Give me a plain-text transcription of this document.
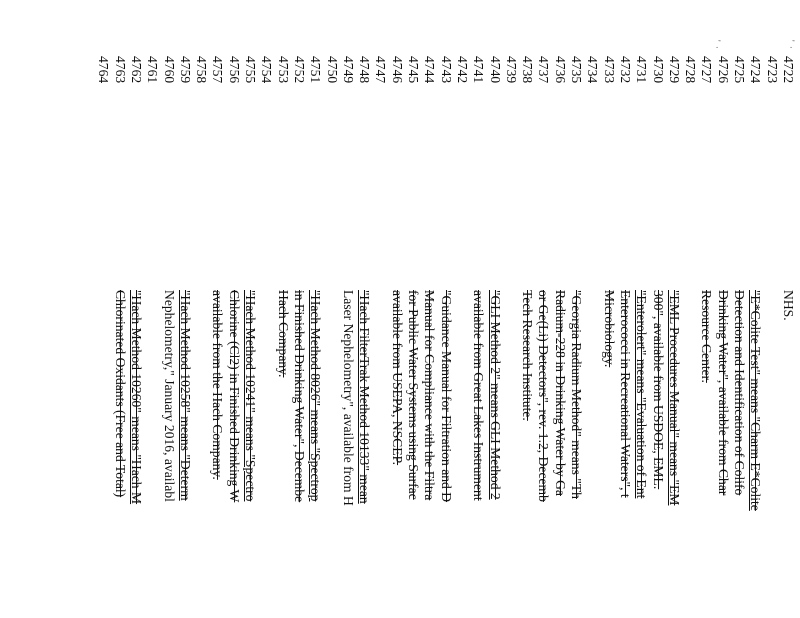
' ·
' ·
4722
NHS.
4723
4724
"E*Colite Test" means "Charm E*Colite
4725
Detection and Identification of Colifo
4726
Drinking Water", available from Char
4727
Resource Center.
4728
4729
"EML Procedures Manual" means "EM
4730
300", available from USDOE, EML.
4731
"Enterolert" means "Evaluation of Ent
4732
Enterococci in Recreational Waters", t
4733
Microbiology.
4734
4735
"Georgia Radium Method" means "Th
4736
Radium-228 in Drinking Water by Ga
4737
or Ge(Li) Detectors", rev. 1.2, Decemb
4738
Tech Research Institute.
4739
4740
"GLI Method 2" means GLI Method 2
4741
available from Great Lakes Instrument
4742
4743
"Guidance Manual for Filtration and D
4744
Manual for Compliance with the Filtra
4745
for Public Water Systems using Surfac
4746
available from USEPA, NSCEP.
4747
4748
"Hach FilterTrak Method 10133" mean
4749
Laser Nephelometry", available from H
4750
4751
"Hach Method 8026" means "Spectrop
4752
in Finished Drinking Water", Decembe
4753
Hach Company.
4754
4755
"Hach Method 10241" means "Spectro
4756
Chlorine (Cl2) in Finished Drinking W
4757
available from the Hach Company.
4758
4759
"Hach Method 10258" means "Determ
4760
Nephelometry," January 2016, availabl
4761
4762
"Hach Method 10260" means "Hach M
4763
Chlorinated Oxidants (Free and Total)
4764
